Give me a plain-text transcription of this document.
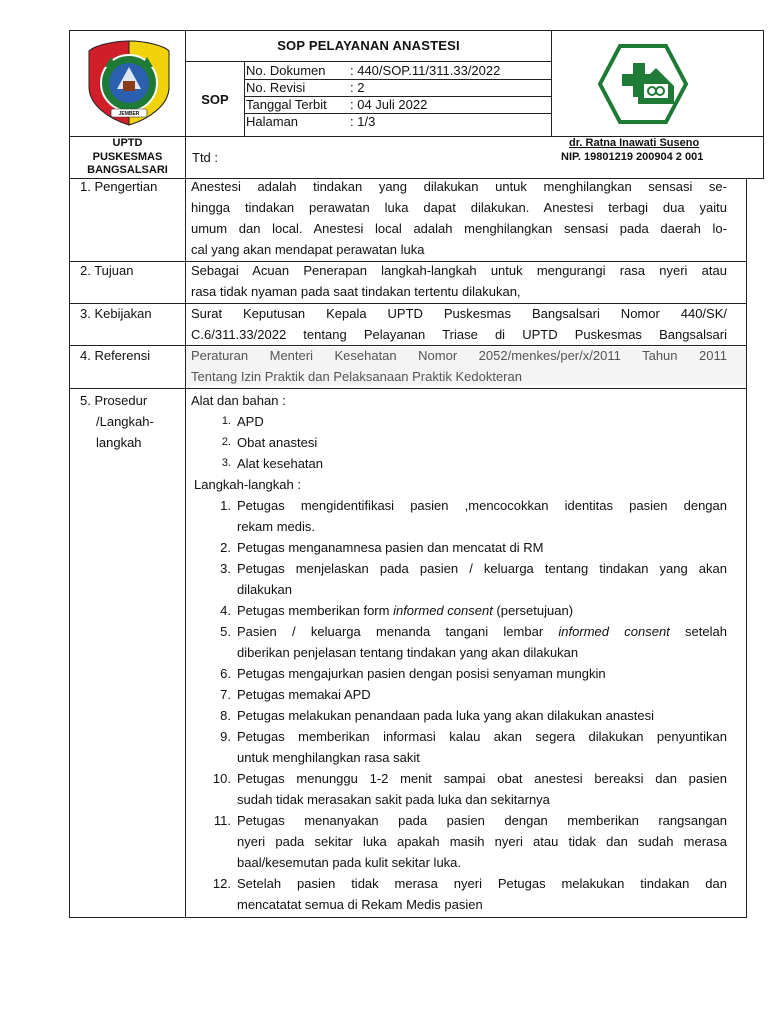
JEMBER
SOP PELAYANAN ANASTESI
SOP
No. Dokumen : 440/SOP.11/311.33/2022
No. Revisi	: 2
Tanggal Terbit : 04 Juli 2022
Halaman	: 1/3
UPTD
PUSKESMAS
BANGSALSARI
Ttd :
dr. Ratna Inawati Suseno
NIP. 19801219 200904 2 001
1. Pengertian	Anestesi adalah tindakan yang dilakukan untuk menghilangkan sensasi se-
hingga tindakan perawatan luka dapat dilakukan. Anestesi terbagi dua yaitu
umum dan local. Anestesi local adalah menghilangkan sensasi pada daerah lo-
cal yang akan mendapat perawatan luka
2. Tujuan	Sebagai Acuan Penerapan langkah-langkah untuk mengurangi rasa nyeri atau
rasa tidak nyaman pada saat tindakan tertentu dilakukan,
3. Kebijakan	Surat Keputusan Kepala UPTD Puskesmas Bangsalsari Nomor 440/SK/
C.6/311.33/2022 tentang Pelayanan Triase di UPTD Puskesmas Bangsalsari
4. Referensi	Peraturan Menteri Kesehatan Nomor 2052/menkes/per/x/2011 Tahun 2011
Tentang Izin Praktik dan Pelaksanaan Praktik Kedokteran
5. Prosedur
/Langkah-
langkah
Alat dan bahan :
1. APD
2. Obat anastesi
3. Alat kesehatan
Langkah-langkah :
1. Petugas mengidentifikasi pasien ,mencocokkan identitas pasien dengan
rekam medis.
2. Petugas menganamnesa pasien dan mencatat di RM
3. Petugas menjelaskan pada pasien / keluarga tentang tindakan yang akan
dilakukan
4. Petugas memberikan form informed consent (persetujuan)
5. Pasien / keluarga menanda tangani lembar informed consent setelah
diberikan penjelasan tentang tindakan yang akan dilakukan
6. Petugas mengajurkan pasien dengan posisi senyaman mungkin
7. Petugas memakai APD
8. Petugas melakukan penandaan pada luka yang akan dilakukan anastesi
9. Petugas memberikan informasi kalau akan segera dilakukan penyuntikan
untuk menghilangkan rasa sakit
10. Petugas menunggu 1-2 menit sampai obat anestesi bereaksi dan pasien
sudah tidak merasakan sakit pada luka dan sekitarnya
11. Petugas menanyakan pada pasien dengan memberikan rangsangan
nyeri pada sekitar luka apakah masih nyeri atau tidak dan sudah merasa
baal/kesemutan pada kulit sekitar luka.
12. Setelah pasien tidak merasa nyeri Petugas melakukan tindakan dan
mencatatat semua di Rekam Medis pasien
